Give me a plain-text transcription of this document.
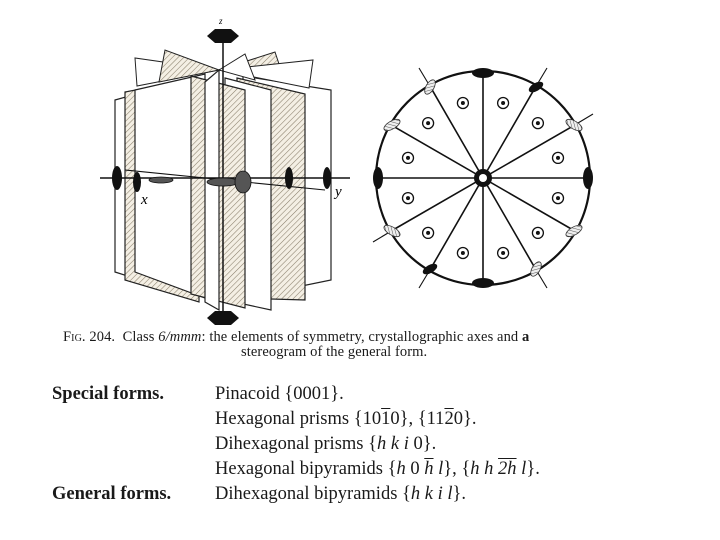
x	y
z
Fig. 204. Class 6/mmm: the elements of symmetry, crystallographic axes and a
stereogram of the general form.
Special forms.	Pinacoid {0001}.
Hexagonal prisms {1010}, {1120}.
Dihexagonal prisms {h k i 0}.
Hexagonal bipyramids {h 0 $\overline{h}$ l}, {h h 2h l}.
General forms. Dihexagonal bipyramids {h k i l}.
